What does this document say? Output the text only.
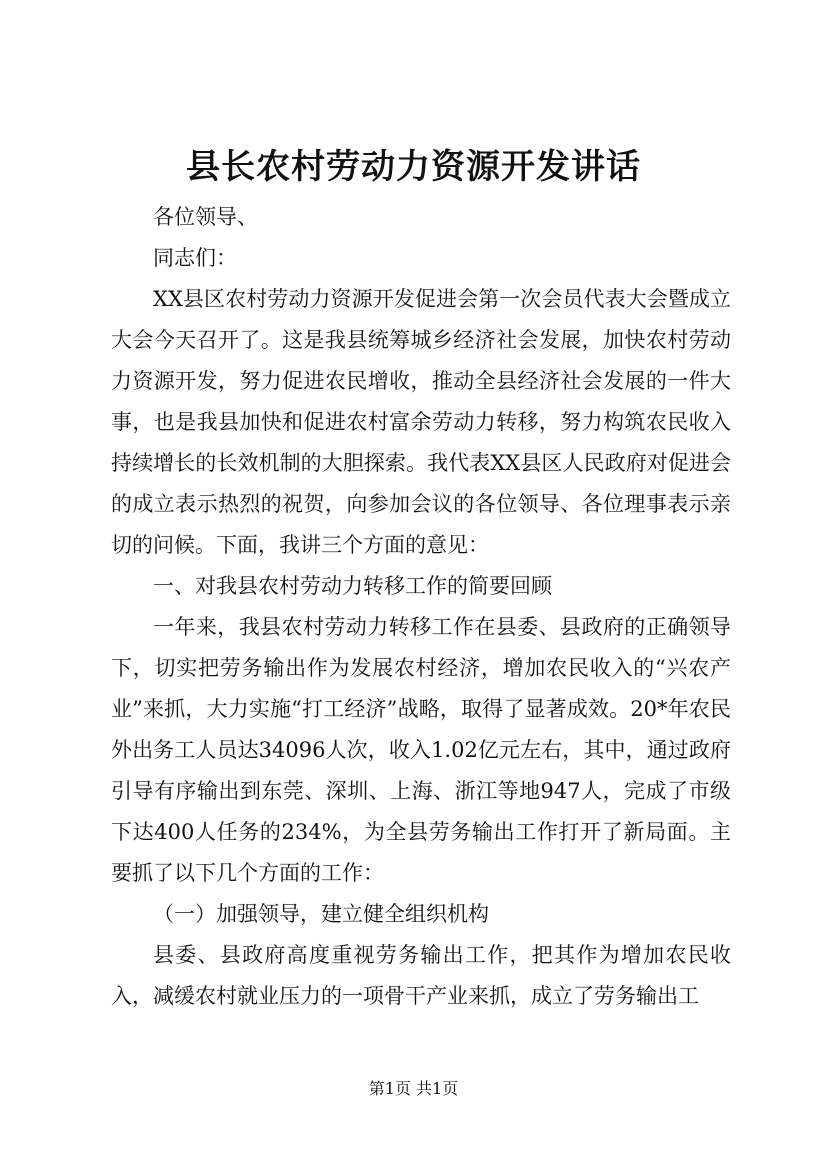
县长农村劳动力资源开发讲话

各位领导、

同志们：

XX县区农村劳动力资源开发促进会第一次会员代表大会暨成立大会今天召开了。这是我县统筹城乡经济社会发展，加快农村劳动力资源开发，努力促进农民增收，推动全县经济社会发展的一件大事，也是我县加快和促进农村富余劳动力转移，努力构筑农民收入持续增长的长效机制的大胆探索。我代表XX县区人民政府对促进会的成立表示热烈的祝贺，向参加会议的各位领导、各位理事表示亲切的问候。下面，我讲三个方面的意见：

一、对我县农村劳动力转移工作的简要回顾

一年来，我县农村劳动力转移工作在县委、县政府的正确领导下，切实把劳务输出作为发展农村经济，增加农民收入的“兴农产业”来抓，大力实施“打工经济”战略，取得了显著成效。20*年农民外出务工人员达34096人次，收入1.02亿元左右，其中，通过政府引导有序输出到东莞、深圳、上海、浙江等地947人，完成了市级下达400人任务的234%，为全县劳务输出工作打开了新局面。主要抓了以下几个方面的工作：

（一）加强领导，建立健全组织机构

县委、县政府高度重视劳务输出工作，把其作为增加农民收入，减缓农村就业压力的一项骨干产业来抓，成立了劳务输出工

第1页 共1页
